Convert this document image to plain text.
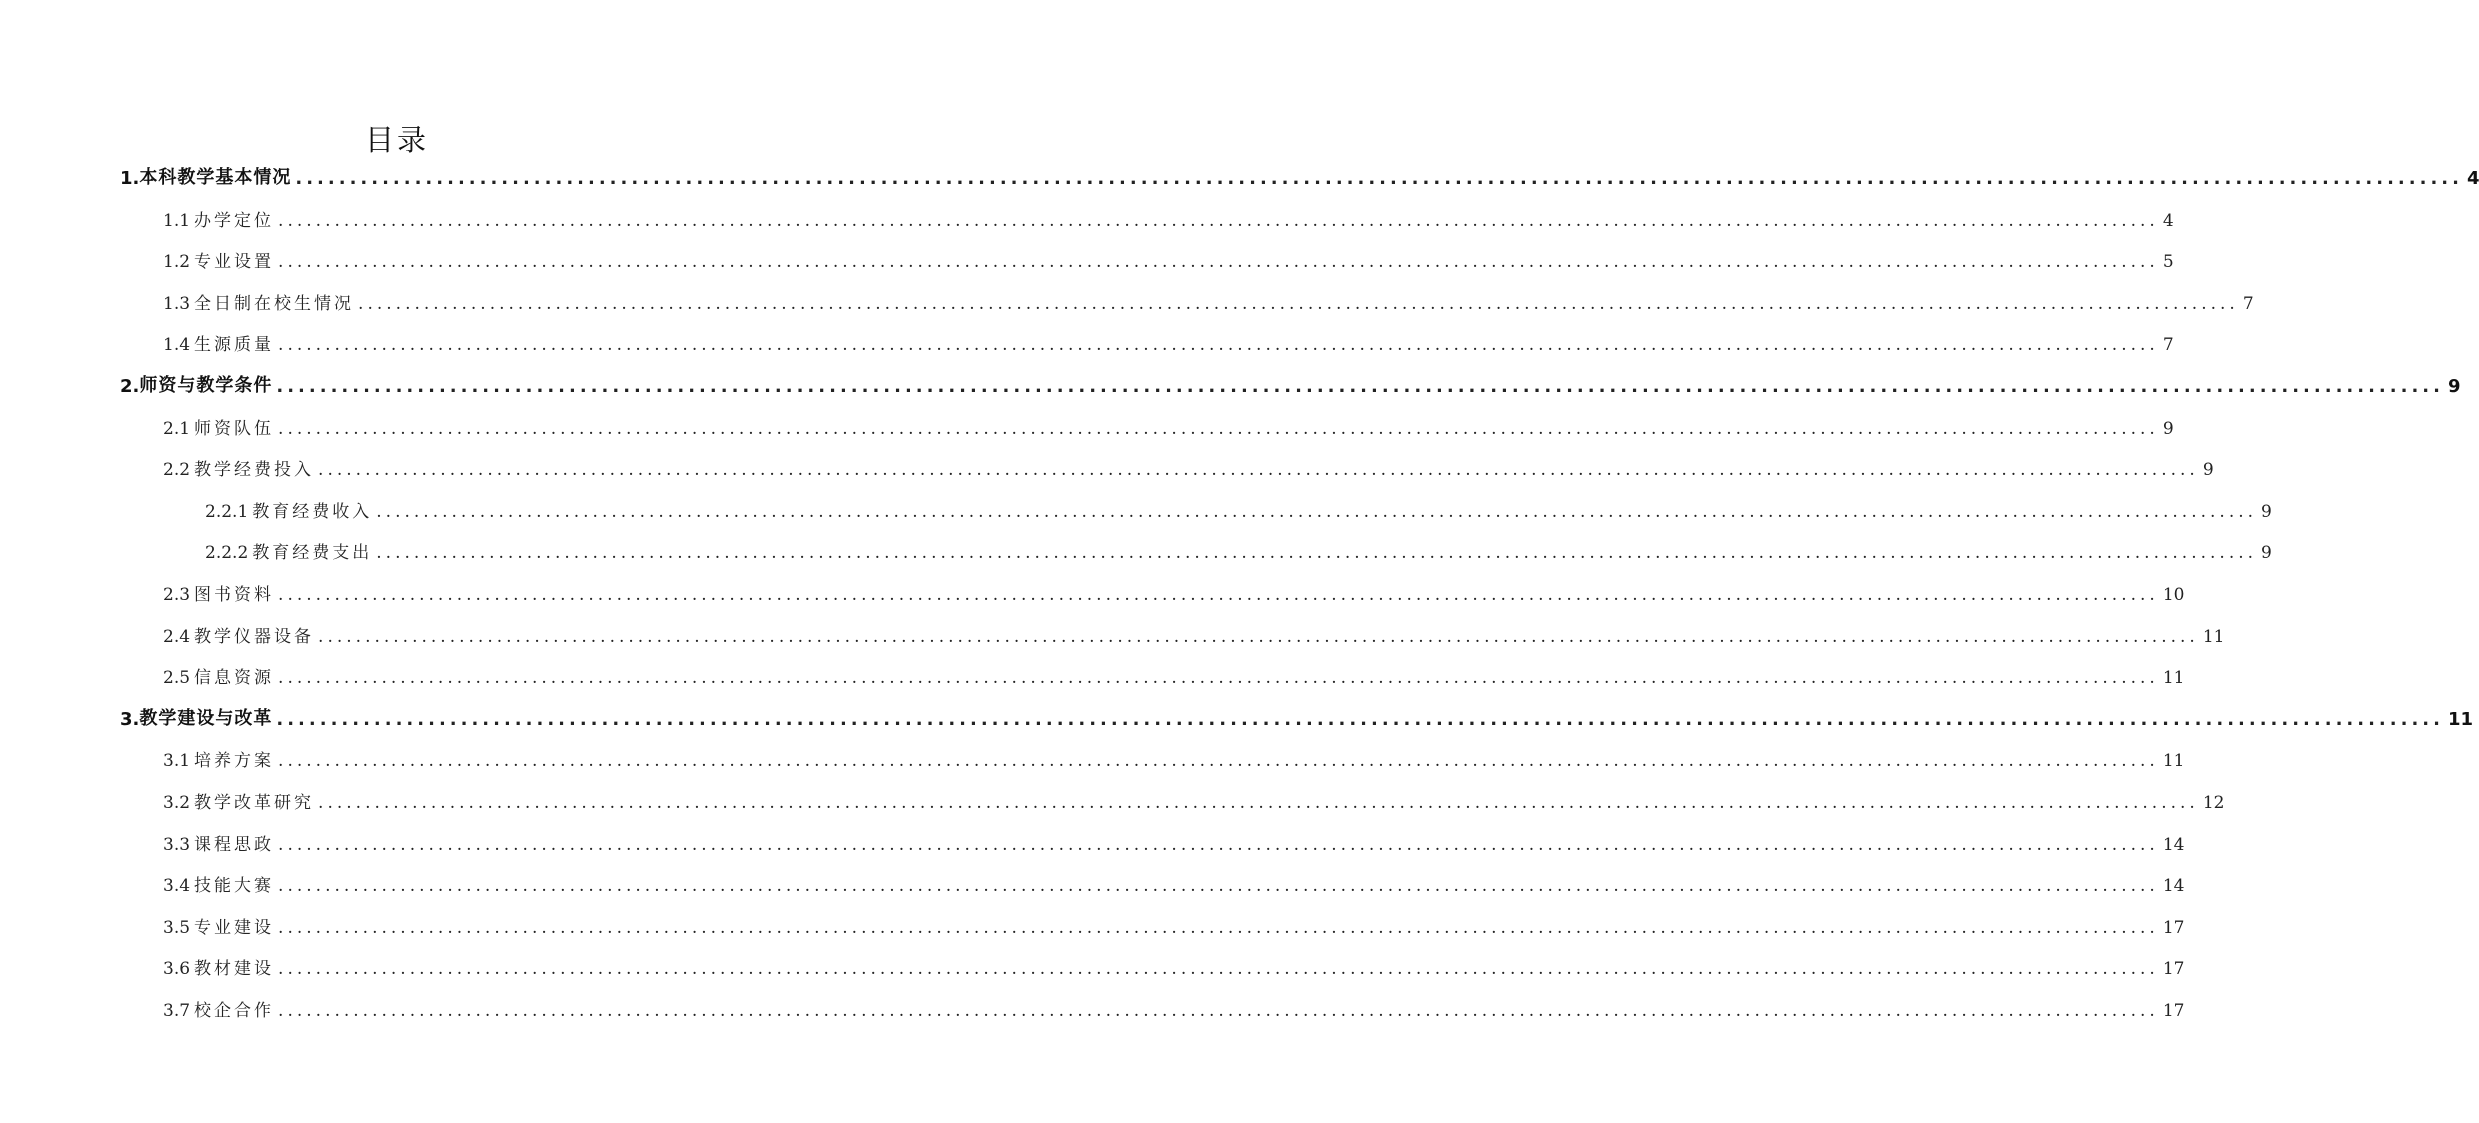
目录
1. 本科教学基本情况 ........................................................................................................................................................................................................ 4
1.1 办学定位 ........................................................................................................................................................................................................ 4
1.2 专业设置 ........................................................................................................................................................................................................ 5
1.3 全日制在校生情况 ........................................................................................................................................................................................................ 7
1.4 生源质量 ........................................................................................................................................................................................................ 7
2. 师资与教学条件 ........................................................................................................................................................................................................ 9
2.1 师资队伍 ........................................................................................................................................................................................................ 9
2.2 教学经费投入 ........................................................................................................................................................................................................ 9
2.2.1 教育经费收入 ........................................................................................................................................................................................................ 9
2.2.2 教育经费支出 ........................................................................................................................................................................................................ 9
2.3 图书资料 ........................................................................................................................................................................................................ 10
2.4 教学仪器设备 ........................................................................................................................................................................................................ 11
2.5 信息资源 ........................................................................................................................................................................................................ 11
3. 教学建设与改革 ........................................................................................................................................................................................................ 11
3.1 培养方案 ........................................................................................................................................................................................................ 11
3.2 教学改革研究 ........................................................................................................................................................................................................ 12
3.3 课程思政 ........................................................................................................................................................................................................ 14
3.4 技能大赛 ........................................................................................................................................................................................................ 14
3.5 专业建设 ........................................................................................................................................................................................................ 17
3.6 教材建设 ........................................................................................................................................................................................................ 17
3.7 校企合作 ........................................................................................................................................................................................................ 17
